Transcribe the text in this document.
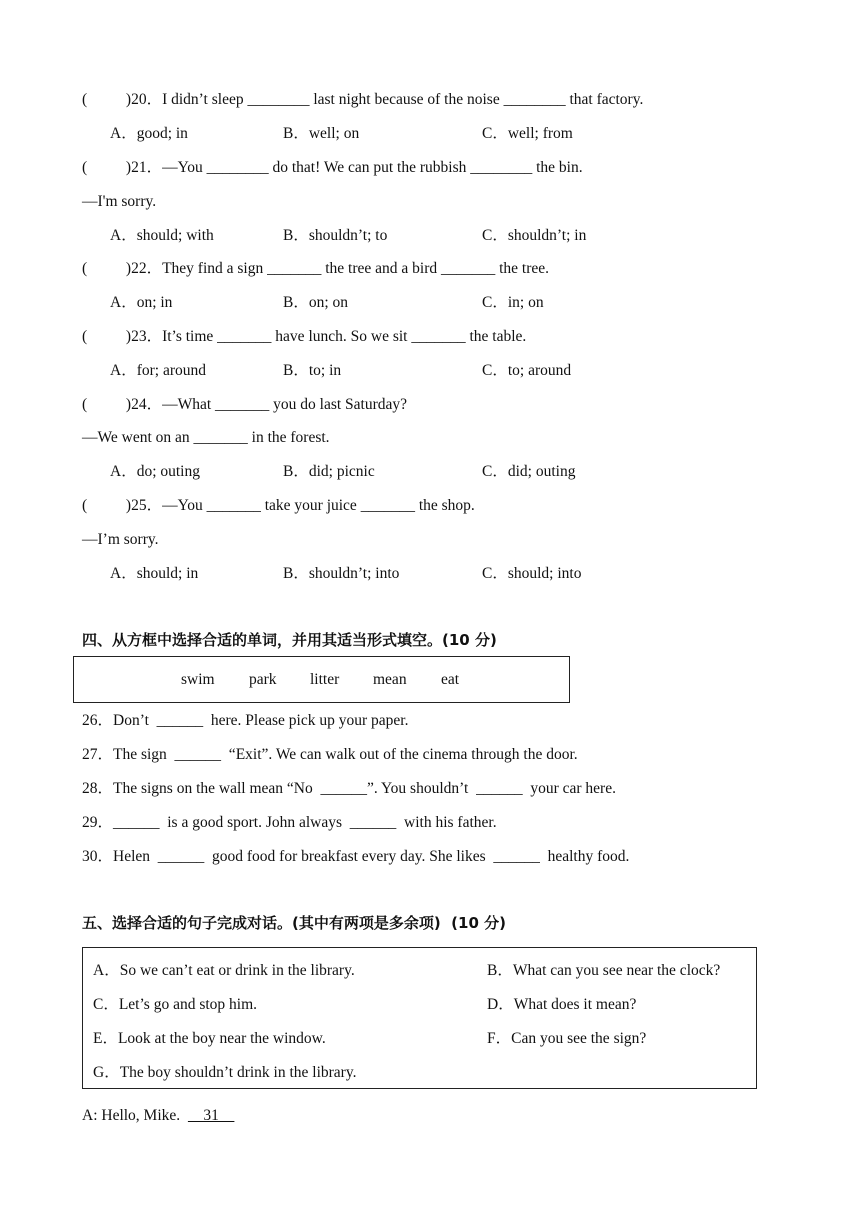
(          )20．I didn’t sleep ________ last night because of the noise ________ that factory.
A．good; in	B．well; on	C．well; from
(          )21．—You ________ do that! We can put the rubbish ________ the bin.
—I'm sorry.
A．should; with	B．shouldn’t; to	C．shouldn’t; in
(          )22．They find a sign _______ the tree and a bird _______ the tree.
A．on; in	B．on; on	C．in; on
(          )23．It’s time _______ have lunch. So we sit _______ the table.
A．for; around	B．to; in	C．to; around
(          )24．—What _______ you do last Saturday?
—We went on an _______ in the forest.
A．do; outing	B．did; picnic	C．did; outing
(          )25．—You _______ take your juice _______ the shop.
—I’m sorry.
A．should; in	B．shouldn’t; into	C．should; into
四、从方框中选择合适的单词，并用其适当形式填空。(10 分)
swim park litter mean eat
26．Don’t  ______  here. Please pick up your paper.
27．The sign  ______  “Exit”. We can walk out of the cinema through the door.
28．The signs on the wall mean “No  ______”. You shouldn’t  ______  your car here.
29．______  is a good sport. John always  ______  with his father.
30．Helen  ______  good food for breakfast every day. She likes  ______  healthy food.
五、选择合适的句子完成对话。(其中有两项是多余项)  (10 分)
A．So we can’t eat or drink in the library.	B．What can you see near the clock?
C．Let’s go and stop him.	D．What does it mean?
E．Look at the boy near the window.	F．Can you see the sign?
G．The boy shouldn’t drink in the library.
A: Hello, Mike.      31
